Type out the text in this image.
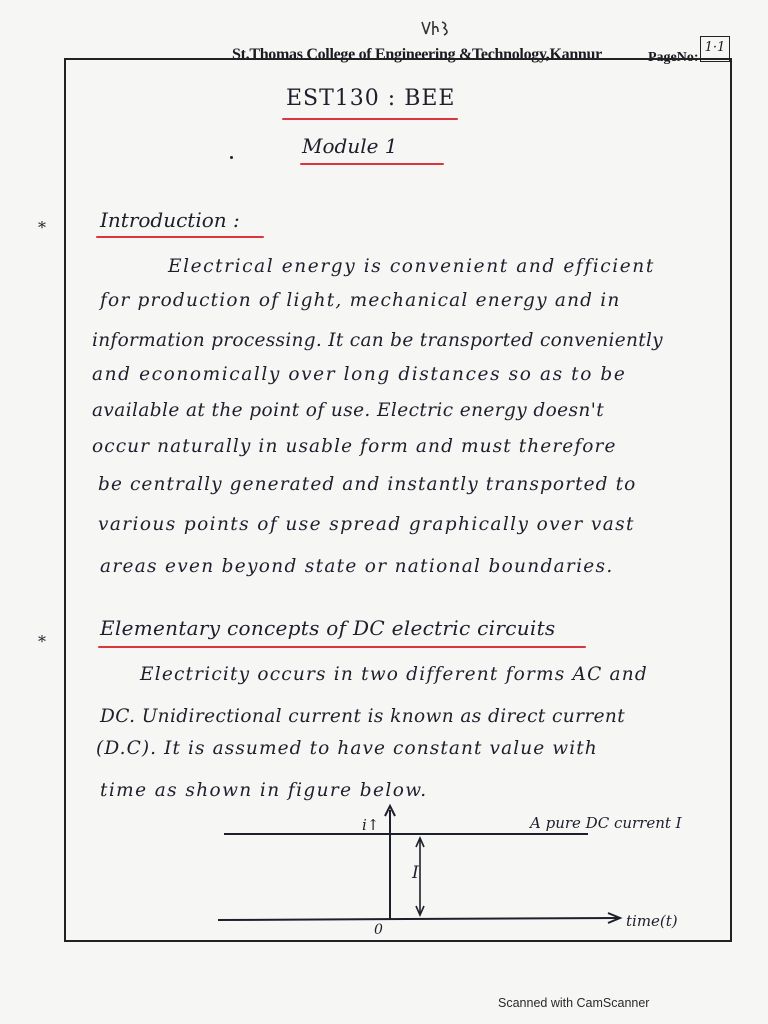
St.Thomas College of Engineering &Technology,Kannur	PageNo:
1·1
EST130 : BEE
Module 1
*	Introduction :
Electrical energy is convenient and efficient
for production of light, mechanical energy and in
information processing. It can be transported conveniently
and economically over long distances so as to be
available at the point of use. Electric energy doesn't
occur naturally in usable form and must therefore
be centrally generated and instantly transported to
various points of use spread graphically over vast
areas even beyond state or national boundaries.
*
Elementary concepts of DC electric circuits
Electricity occurs in two different forms AC and
DC. Unidirectional current is known as direct current
(D.C). It is assumed to have constant value with
time as shown in figure below.
i↑	A pure DC current I
I
0	time(t)
Scanned with CamScanner
